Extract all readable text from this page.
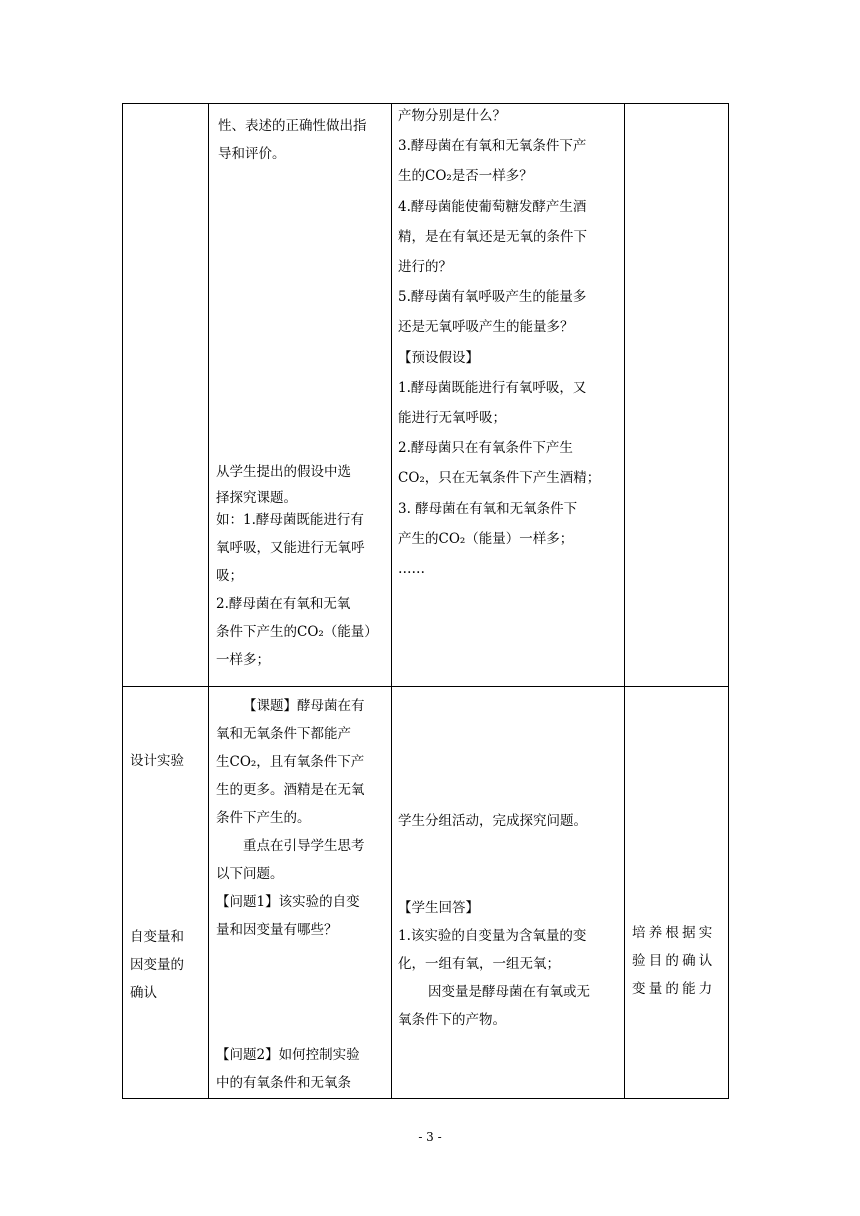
性、表述的正确性做出指

导和评价。

从学生提出的假设中选

择探究课题。

如：1.酵母菌既能进行有

氧呼吸，又能进行无氧呼

吸；

2.酵母菌在有氧和无氧

条件下产生的CO₂（能量）

一样多；

产物分别是什么？

3.酵母菌在有氧和无氧条件下产

生的CO₂是否一样多？

4.酵母菌能使葡萄糖发酵产生酒

精，是在有氧还是无氧的条件下

进行的？

5.酵母菌有氧呼吸产生的能量多

还是无氧呼吸产生的能量多？

【预设假设】

1.酵母菌既能进行有氧呼吸，又

能进行无氧呼吸；

2.酵母菌只在有氧条件下产生

CO₂，只在无氧条件下产生酒精；

3. 酵母菌在有氧和无氧条件下

产生的CO₂（能量）一样多；

……

设计实验

自变量和

因变量的

确认

【课题】酵母菌在有

氧和无氧条件下都能产

生CO₂，且有氧条件下产

生的更多。酒精是在无氧

条件下产生的。

重点在引导学生思考

以下问题。

【问题1】该实验的自变

量和因变量有哪些？

【问题2】如何控制实验

中的有氧条件和无氧条

学生分组活动，完成探究问题。

【学生回答】

1.该实验的自变量为含氧量的变

化，一组有氧，一组无氧；

因变量是酵母菌在有氧或无

氧条件下的产物。

培养根据实

验目的确认

变量的能力

- 3 -
